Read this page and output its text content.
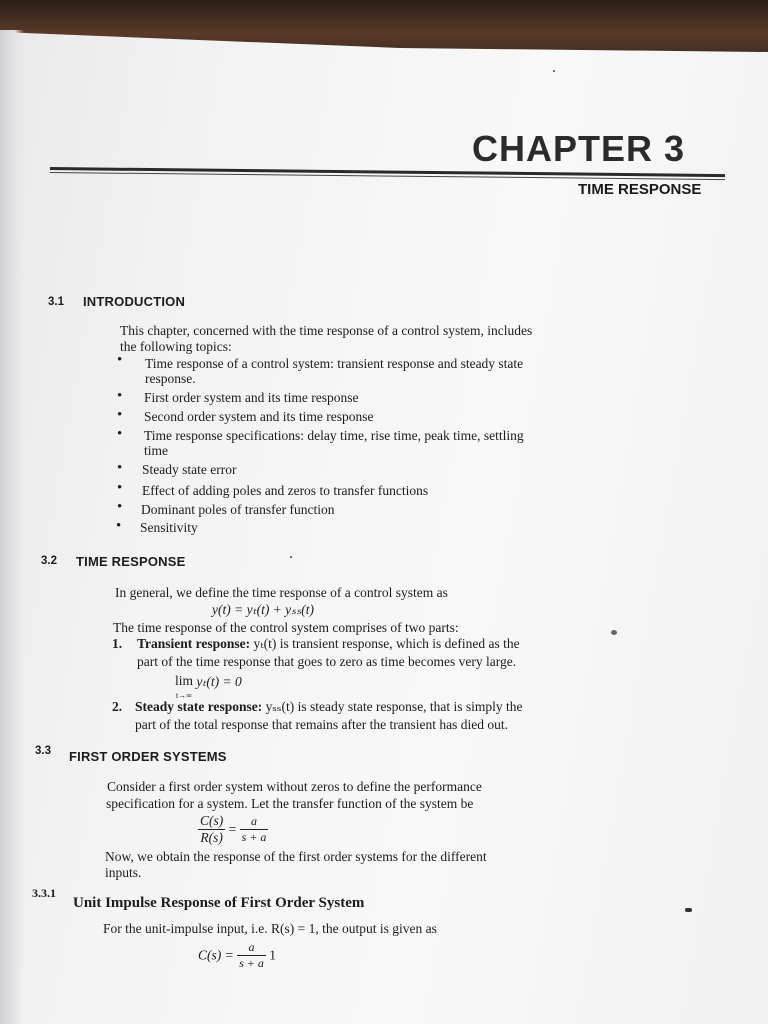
CHAPTER 3
TIME RESPONSE
3.1 INTRODUCTION
This chapter, concerned with the time response of a control system, includes
the following topics:
• Time response of a control system: transient response and steady state
response.
• First order system and its time response
• Second order system and its time response
• Time response specifications: delay time, rise time, peak time, settling
time
• Steady state error
• Effect of adding poles and zeros to transfer functions
• Dominant poles of transfer function
• Sensitivity
3.2 TIME RESPONSE
In general, we define the time response of a control system as
y(t) = yₜ(t) + yₛₛ(t)
The time response of the control system comprises of two parts:
1. Transient response: yₜ(t) is transient response, which is defined as the
part of the time response that goes to zero as time becomes very large.
lim
t→∞ yₜ(t) = 0
2. Steady state response: yₛₛ(t) is steady state response, that is simply the
part of the total response that remains after the transient has died out.
3.3 FIRST ORDER SYSTEMS
Consider a first order system without zeros to define the performance
specification for a system. Let the transfer function of the system be
$\frac{C(s)}{R(s)} = \frac{a}{s + a}$
Now, we obtain the response of the first order systems for the different
inputs.
3.3.1
Unit Impulse Response of First Order System
For the unit-impulse input, i.e. R(s) = 1, the output is given as
$C(s) = \frac{a}{s + a} 1$
